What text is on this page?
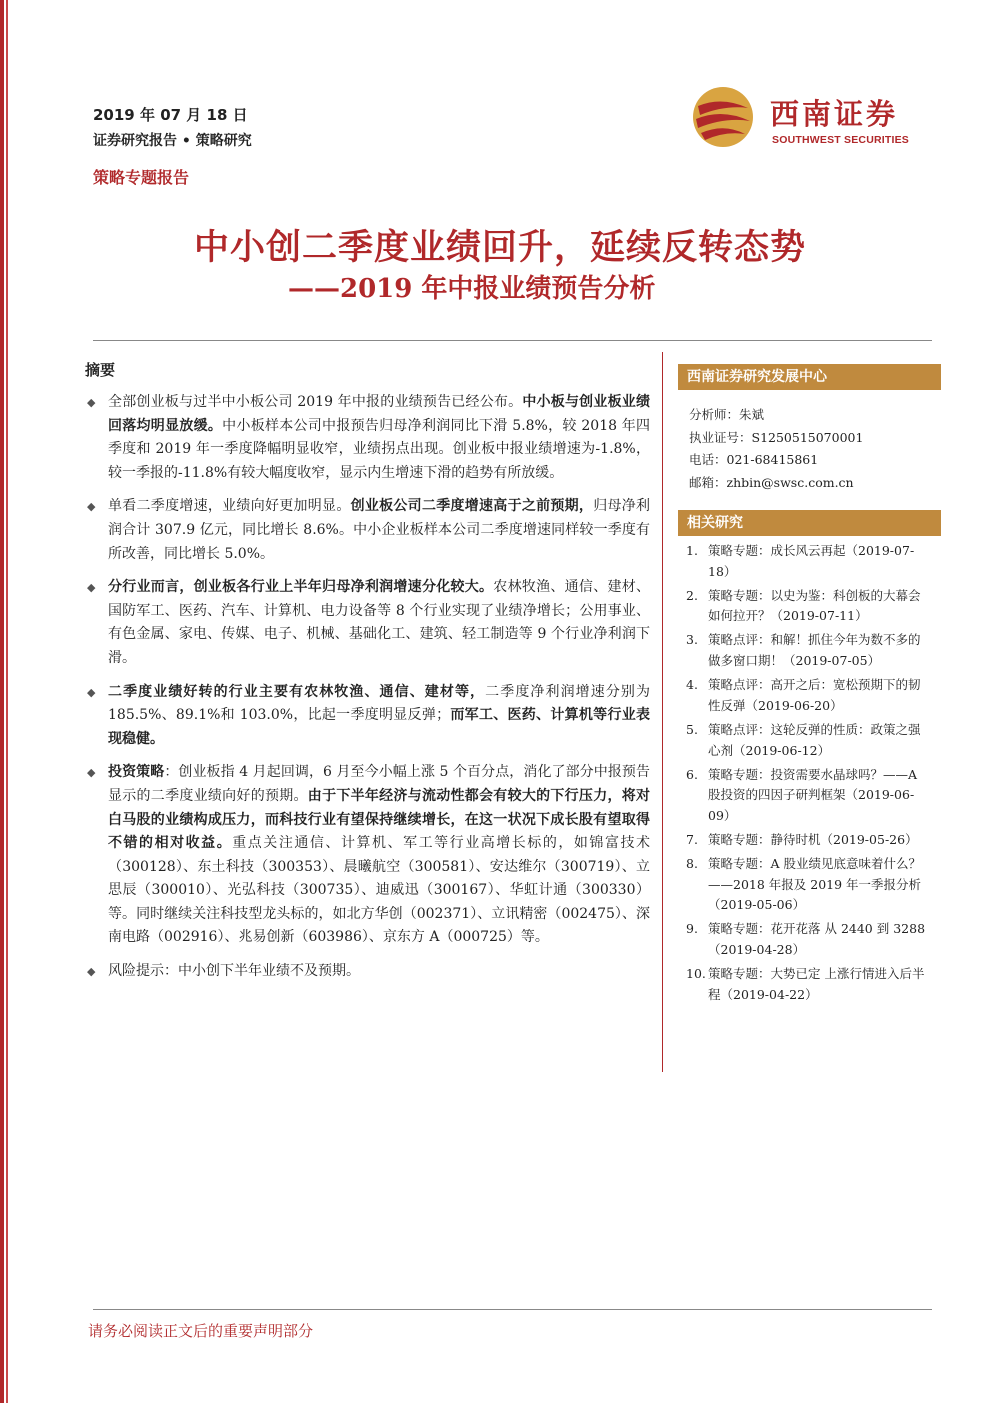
2019 年 07 月 18 日
证券研究报告 • 策略研究
策略专题报告
西南证券
SOUTHWEST SECURITIES
中小创二季度业绩回升，延续反转态势
——2019 年中报业绩预告分析
摘要
◆ 全部创业板与过半中小板公司 2019 年中报的业绩预告已经公布。中小板与创业板业绩回落均明显放缓。中小板样本公司中报预告归母净利润同比下滑 5.8%，较 2018 年四季度和 2019 年一季度降幅明显收窄，业绩拐点出现。创业板中报业绩增速为-1.8%，较一季报的-11.8%有较大幅度收窄，显示内生增速下滑的趋势有所放缓。
◆ 单看二季度增速，业绩向好更加明显。创业板公司二季度增速高于之前预期，归母净利润合计 307.9 亿元，同比增长 8.6%。中小企业板样本公司二季度增速同样较一季度有所改善，同比增长 5.0%。
◆ 分行业而言，创业板各行业上半年归母净利润增速分化较大。农林牧渔、通信、建材、国防军工、医药、汽车、计算机、电力设备等 8 个行业实现了业绩净增长；公用事业、有色金属、家电、传媒、电子、机械、基础化工、建筑、轻工制造等 9 个行业净利润下滑。
◆ 二季度业绩好转的行业主要有农林牧渔、通信、建材等，二季度净利润增速分别为 185.5%、89.1%和 103.0%，比起一季度明显反弹；而军工、医药、计算机等行业表现稳健。
◆ 投资策略：创业板指 4 月起回调，6 月至今小幅上涨 5 个百分点，消化了部分中报预告显示的二季度业绩向好的预期。由于下半年经济与流动性都会有较大的下行压力，将对白马股的业绩构成压力，而科技行业有望保持继续增长，在这一状况下成长股有望取得不错的相对收益。重点关注通信、计算机、军工等行业高增长标的，如锦富技术（300128）、东土科技（300353）、晨曦航空（300581）、安达维尔（300719）、立思辰（300010）、光弘科技（300735）、迪威迅（300167）、华虹计通（300330）等。同时继续关注科技型龙头标的，如北方华创（002371）、立讯精密（002475）、深南电路（002916）、兆易创新（603986）、京东方 A（000725）等。
◆ 风险提示：中小创下半年业绩不及预期。
西南证券研究发展中心
分析师：朱斌
执业证号：S1250515070001
电话：021-68415861
邮箱：zhbin@swsc.com.cn
相关研究
1. 策略专题：成长风云再起（2019-07-18）
2. 策略专题：以史为鉴：科创板的大幕会如何拉开？（2019-07-11）
3. 策略点评：和解！抓住今年为数不多的做多窗口期！（2019-07-05）
4. 策略点评：高开之后：宽松预期下的韧性反弹（2019-06-20）
5. 策略点评：这轮反弹的性质：政策之强心剂（2019-06-12）
6. 策略专题：投资需要水晶球吗？——A 股投资的四因子研判框架（2019-06-09）
7. 策略专题：静待时机（2019-05-26）
8. 策略专题：A 股业绩见底意味着什么？——2018 年报及 2019 年一季报分析（2019-05-06）
9. 策略专题：花开花落 从 2440 到 3288（2019-04-28）
10. 策略专题：大势已定 上涨行情进入后半程（2019-04-22）
请务必阅读正文后的重要声明部分
